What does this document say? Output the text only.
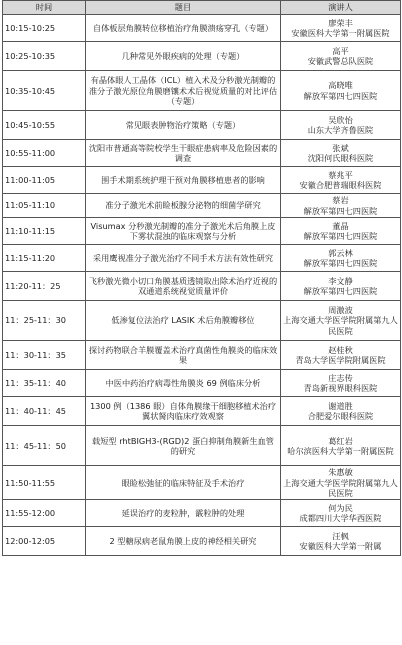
时间	题目	演讲人
10:15-10:25	自体板层角膜转位移植治疗角膜溃疡穿孔（专题）	廖荣丰
安徽医科大学第一附属医院

10:25-10:35	几种常见外眼疾病的处理（专题）	高平
安徽武警总队医院

10:35-10:45	有晶体眼人工晶体（ICL）植入术及分秒激光制瓣的准分子激光原位角膜磨镶术术后视觉质量的对比评估（专题）	高晓唯
解放军第四七四医院

10:45-10:55	常见眼表肿物治疗策略（专题）	吴欣怡
山东大学齐鲁医院

10:55-11:00	沈阳市普通高等院校学生干眼症患病率及危险因素的调查	张斌
沈阳何氏眼科医院

11:00-11:05	围手术期系统护理干预对角膜移植患者的影响	蔡兆平
安徽合肥普瑞眼科医院

11:05-11:10	准分子激光术前睑板腺分泌物的细菌学研究	蔡岩
解放军第四七四医院

11:10-11:15	Visumax 分秒激光制瓣的准分子激光术后角膜上皮下雾状混浊的临床观察与分析	董晶
解放军第四七四医院

11:15-11:20	采用鹰视准分子激光治疗不同手术方法有效性研究	郭云林
解放军第四七四医院

11:20-11：25	飞秒激光微小切口角膜基质透镜取出除术治疗近视的双通道系统视觉质量评价	李文静
解放军第四七四医院

11：25-11：30	低渗复位法治疗 LASIK 术后角膜瓣移位	周激波
上海交通大学医学院附属第九人民医院

11：30-11：35	探讨药物联合羊膜覆盖术治疗真菌性角膜炎的临床效果	赵桂秋
青岛大学医学院附属医院

11：35-11：40	中医中药治疗病毒性角膜炎 69 例临床分析	庄志传
青岛新视界眼科医院

11：40-11：45	1300 例（1386 眼）自体角膜缘干细胞移植术治疗翼状胬肉临床疗效观察	谢道胜
合肥爱尔眼科医院

11：45-11：50	载短型 rhtBIGH3-(RGD)2 蛋白抑制角膜新生血管的研究	葛红岩
哈尔滨医科大学第一附属医院

11:50-11:55	眼睑松弛征的临床特征及手术治疗	朱惠敏
上海交通大学医学院附属第九人民医院

11:55-12:00	延误治疗的麦粒肿，霰粒肿的处理	何为民
成都四川大学华西医院

12:00-12:05	2 型糖尿病老鼠角膜上皮的神经相关研究	汪枫
安徽医科大学第一附属
